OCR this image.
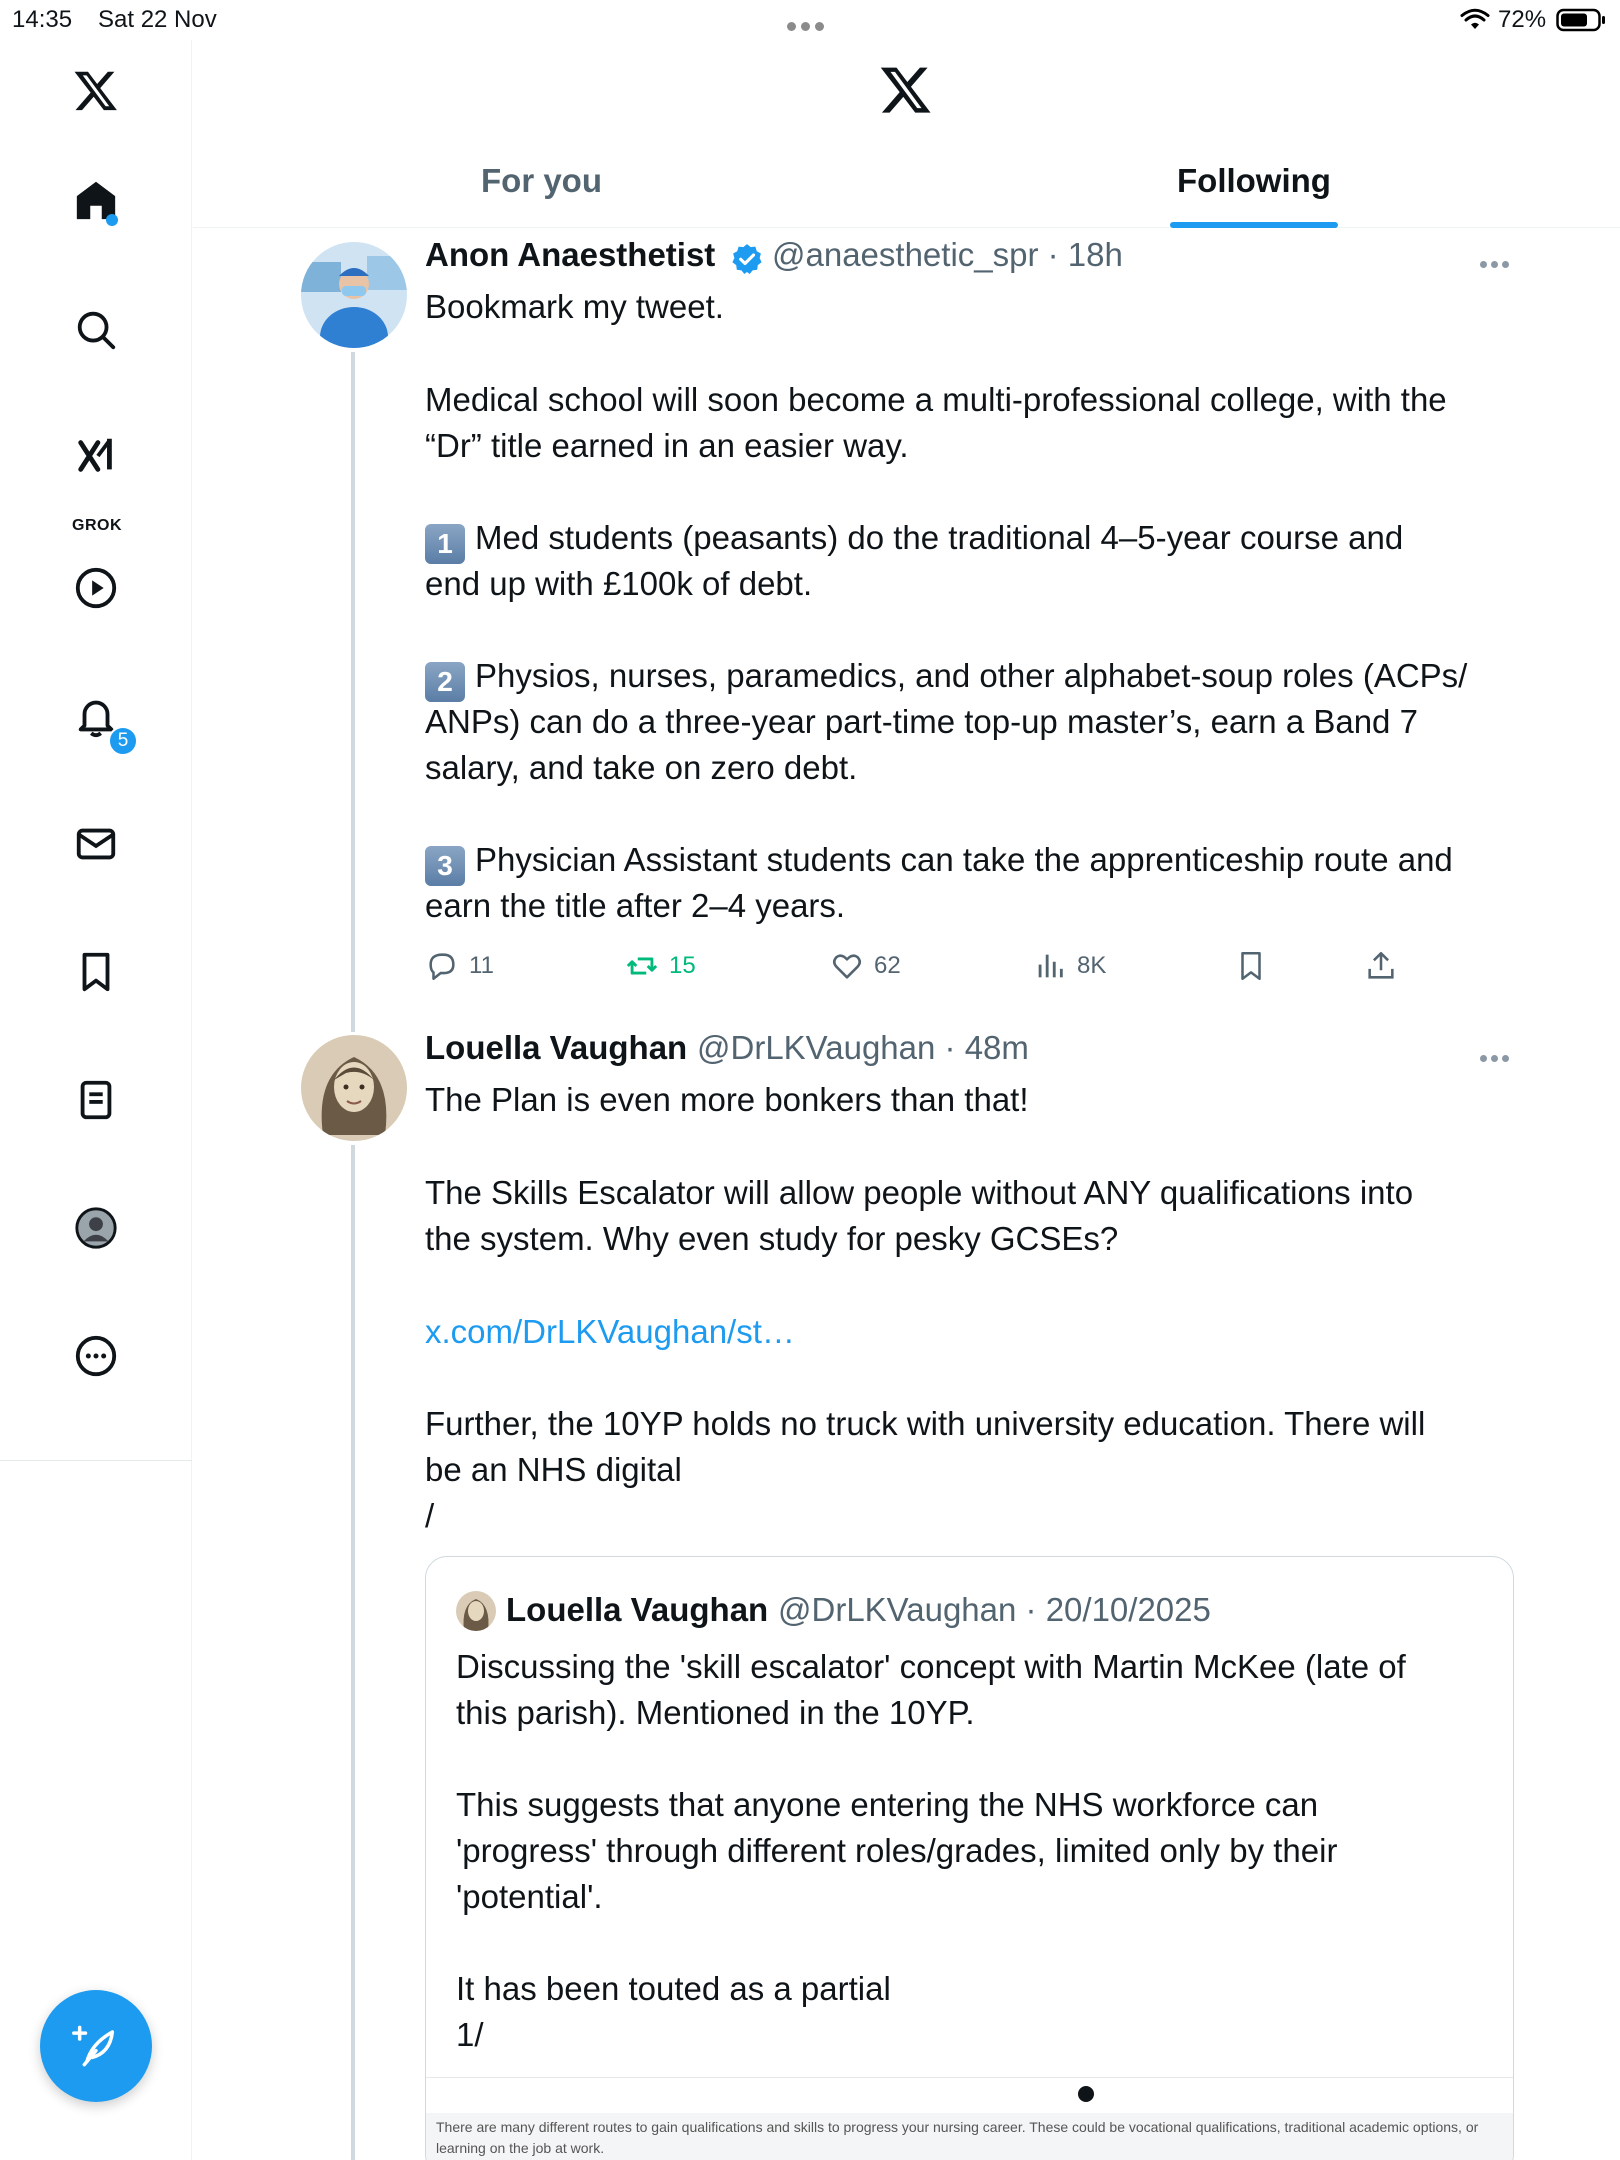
14:35 Sat 22 Nov	72%
GROK
5
For you	Following
Anon Anaesthetist @anaesthetic_spr · 18h
Bookmark my tweet.
Medical school will soon become a multi-professional college, with the
“Dr” title earned in an easier way.
1 Med students (peasants) do the traditional 4–5-year course and
end up with £100k of debt.
2 Physios, nurses, paramedics, and other alphabet-soup roles (ACPs/
ANPs) can do a three-year part-time top-up master’s, earn a Band 7
salary, and take on zero debt.
3 Physician Assistant students can take the apprenticeship route and
earn the title after 2–4 years.
11	15	62	8K
Louella Vaughan @DrLKVaughan · 48m
The Plan is even more bonkers than that!
The Skills Escalator will allow people without ANY qualifications into
the system. Why even study for pesky GCSEs?
x.com/DrLKVaughan/st…
Further, the 10YP holds no truck with university education. There will
be an NHS digital
/
Louella Vaughan @DrLKVaughan · 20/10/2025
Discussing the 'skill escalator' concept with Martin McKee (late of
this parish). Mentioned in the 10YP.
This suggests that anyone entering the NHS workforce can
'progress' through different roles/grades, limited only by their
'potential'.
It has been touted as a partial
1/
There are many different routes to gain qualifications and skills to progress your nursing career. These could be vocational qualifications, traditional academic options, or learning on the job at work.
